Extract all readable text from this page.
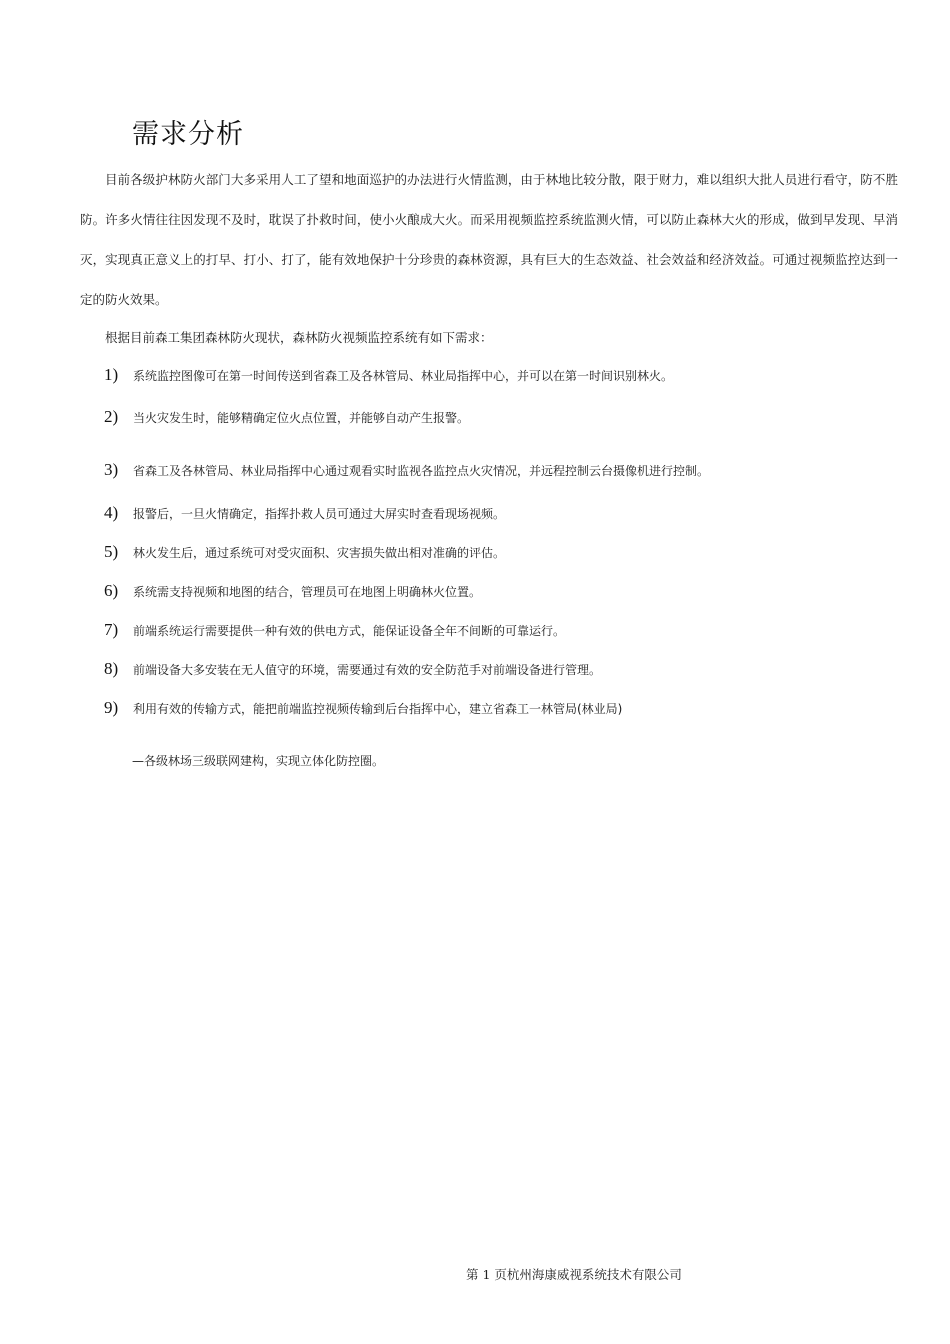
需求分析

目前各级护林防火部门大多采用人工了望和地面巡护的办法进行火情监测，由于林地比较分散，限于财力，难以组织大批人员进行看守，防不胜防。许多火情往往因发现不及时，耽误了扑救时间，使小火酿成大火。而采用视频监控系统监测火情，可以防止森林大火的形成，做到早发现、早消灭，实现真正意义上的打早、打小、打了，能有效地保护十分珍贵的森林资源，具有巨大的生态效益、社会效益和经济效益。可通过视频监控达到一定的防火效果。

根据目前森工集团森林防火现状，森林防火视频监控系统有如下需求：

1)	系统监控图像可在第一时间传送到省森工及各林管局、林业局指挥中心，并可以在第一时间识别林火。
2)	当火灾发生时，能够精确定位火点位置，并能够自动产生报警。
3)	省森工及各林管局、林业局指挥中心通过观看实时监视各监控点火灾情况，并远程控制云台摄像机进行控制。
4)	报警后，一旦火情确定，指挥扑救人员可通过大屏实时查看现场视频。
5)	林火发生后，通过系统可对受灾面积、灾害损失做出相对准确的评估。
6)	系统需支持视频和地图的结合，管理员可在地图上明确林火位置。
7)	前端系统运行需要提供一种有效的供电方式，能保证设备全年不间断的可靠运行。
8)	前端设备大多安装在无人值守的环境，需要通过有效的安全防范手对前端设备进行管理。
9)	利用有效的传输方式，能把前端监控视频传输到后台指挥中心，建立省森工一林管局(林业局)
—各级林场三级联网建构，实现立体化防控圈。
第 1 页杭州海康威视系统技术有限公司
